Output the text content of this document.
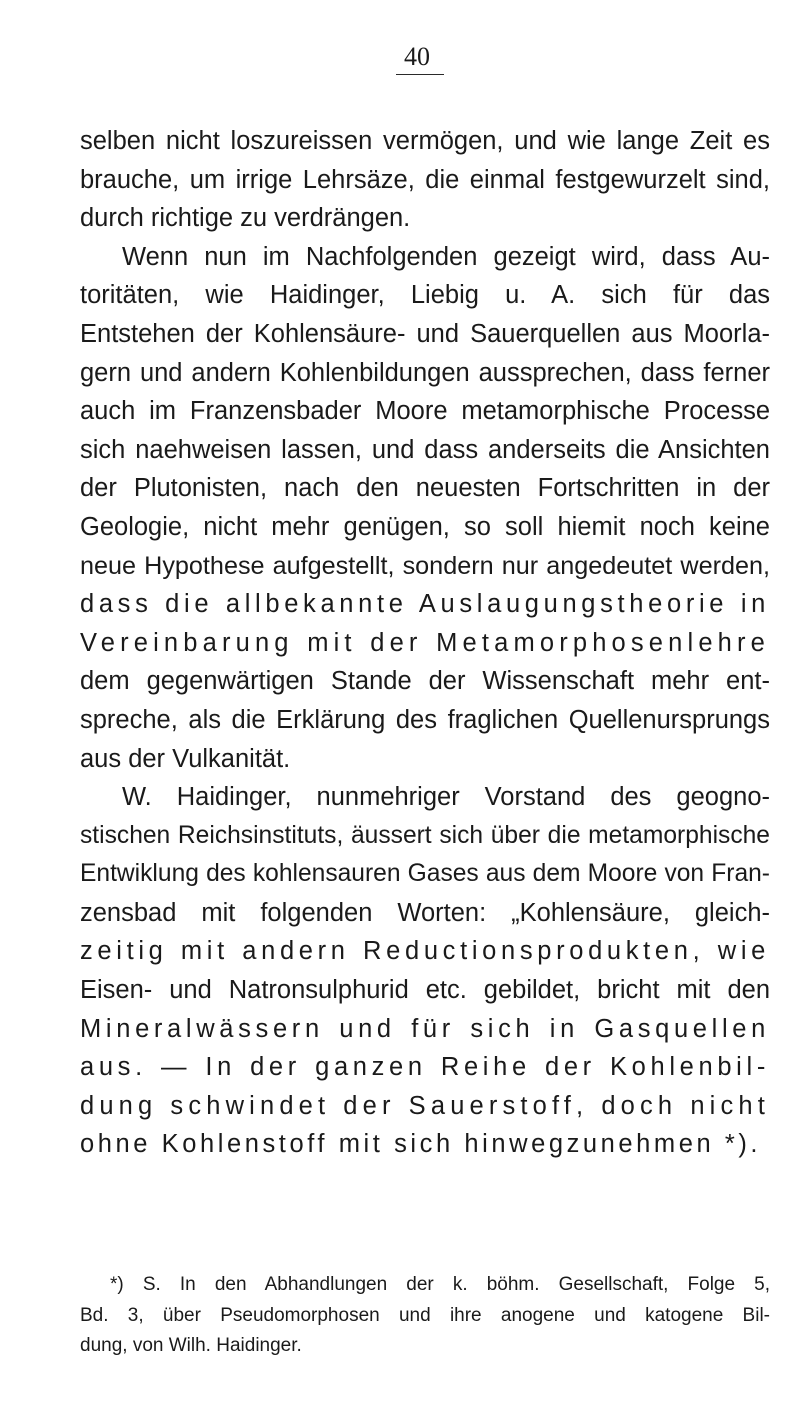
40
selben nicht loszureissen vermögen, und wie lange Zeit es
brauche, um irrige Lehrsäze, die einmal festgewurzelt sind,
durch richtige zu verdrängen.
Wenn nun im Nachfolgenden gezeigt wird, dass Au-
toritäten, wie Haidinger, Liebig u. A. sich für das
Entstehen der Kohlensäure- und Sauerquellen aus Moorla-
gern und andern Kohlenbildungen aussprechen, dass ferner
auch im Franzensbader Moore metamorphische Processe
sich naehweisen lassen, und dass anderseits die Ansichten
der Plutonisten, nach den neuesten Fortschritten in der
Geologie, nicht mehr genügen, so soll hiemit noch keine
neue Hypothese aufgestellt, sondern nur angedeutet werden,
dass die allbekannte Auslaugungstheorie in
Vereinbarung mit der Metamorphosenlehre
dem gegenwärtigen Stande der Wissenschaft mehr ent-
spreche, als die Erklärung des fraglichen Quellenursprungs
aus der Vulkanität.
W. Haidinger, nunmehriger Vorstand des geogno-
stischen Reichsinstituts, äussert sich über die metamorphische
Entwiklung des kohlensauren Gases aus dem Moore von Fran-
zensbad mit folgenden Worten: „Kohlensäure, gleich-
zeitig mit andern Reductionsprodukten, wie
Eisen- und Natronsulphurid etc. gebildet, bricht mit den
Mineralwässern und für sich in Gasquellen
aus. — In der ganzen Reihe der Kohlenbil-
dung schwindet der Sauerstoff, doch nicht
ohne Kohlenstoff mit sich hinwegzunehmen *).
*) S. In den Abhandlungen der k. böhm. Gesellschaft, Folge 5,
Bd. 3, über Pseudomorphosen und ihre anogene und katogene Bil-
dung, von Wilh. Haidinger.
